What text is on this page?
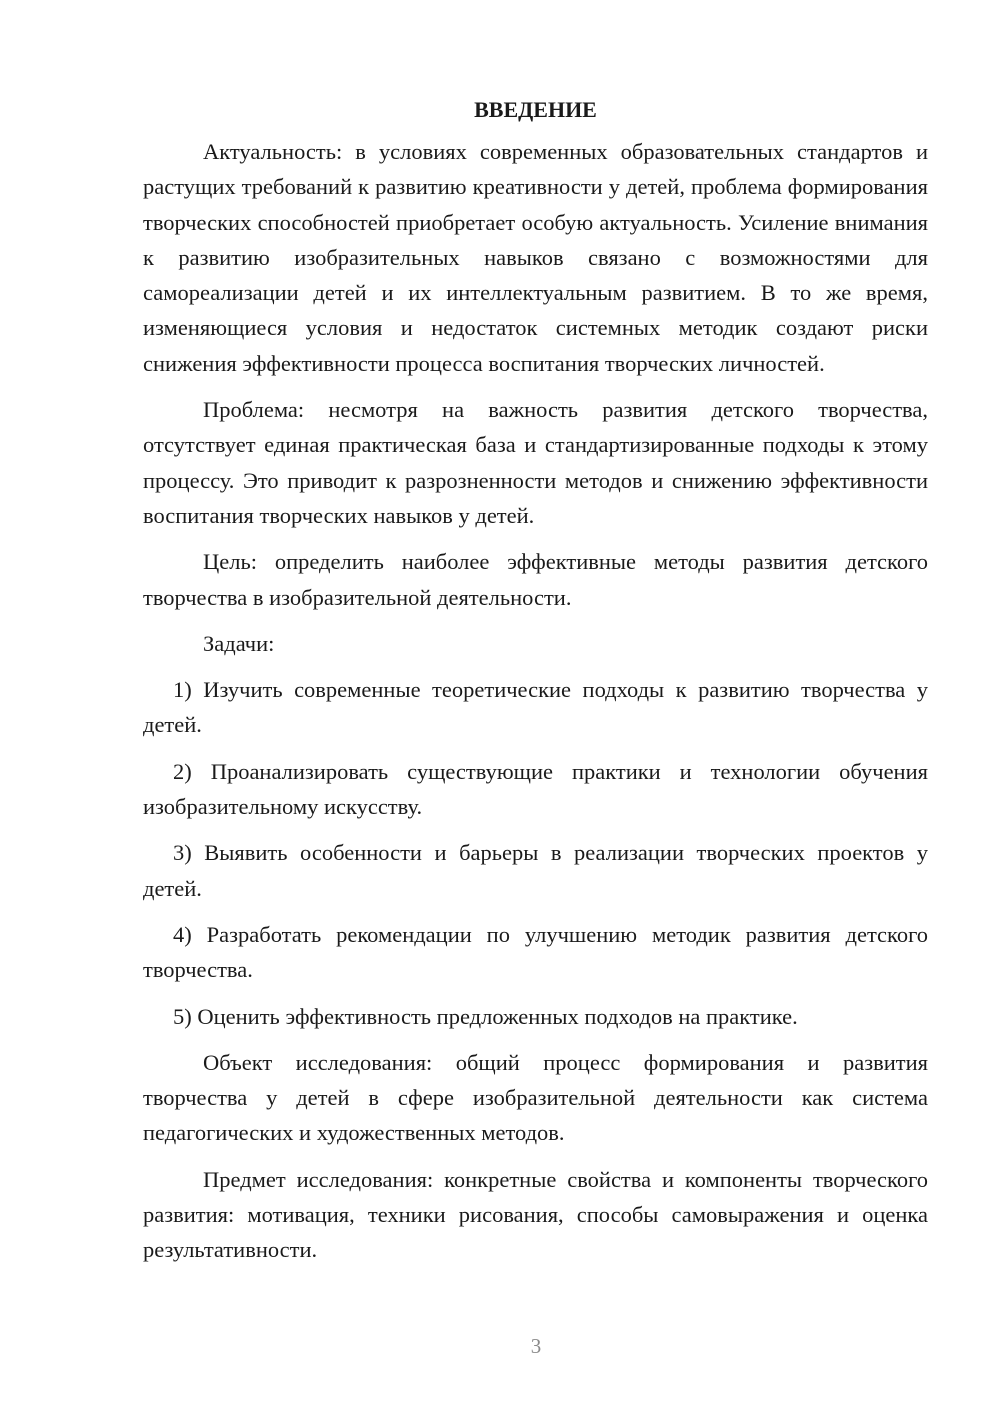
ВВЕДЕНИЕ

Актуальность: в условиях современных образовательных стандартов и растущих требований к развитию креативности у детей, проблема формирования творческих способностей приобретает особую актуальность. Усиление внимания к развитию изобразительных навыков связано с возможностями для самореализации детей и их интеллектуальным развитием. В то же время, изменяющиеся условия и недостаток системных методик создают риски снижения эффективности процесса воспитания творческих личностей.

Проблема: несмотря на важность развития детского творчества, отсутствует единая практическая база и стандартизированные подходы к этому процессу. Это приводит к разрозненности методов и снижению эффективности воспитания творческих навыков у детей.

Цель: определить наиболее эффективные методы развития детского творчества в изобразительной деятельности.

Задачи:

1) Изучить современные теоретические подходы к развитию творчества у детей.

2) Проанализировать существующие практики и технологии обучения изобразительному искусству.

3) Выявить особенности и барьеры в реализации творческих проектов у детей.

4) Разработать рекомендации по улучшению методик развития детского творчества.

5) Оценить эффективность предложенных подходов на практике.

Объект исследования: общий процесс формирования и развития творчества у детей в сфере изобразительной деятельности как система педагогических и художественных методов.

Предмет исследования: конкретные свойства и компоненты творческого развития: мотивация, техники рисования, способы самовыражения и оценка результативности.

3
